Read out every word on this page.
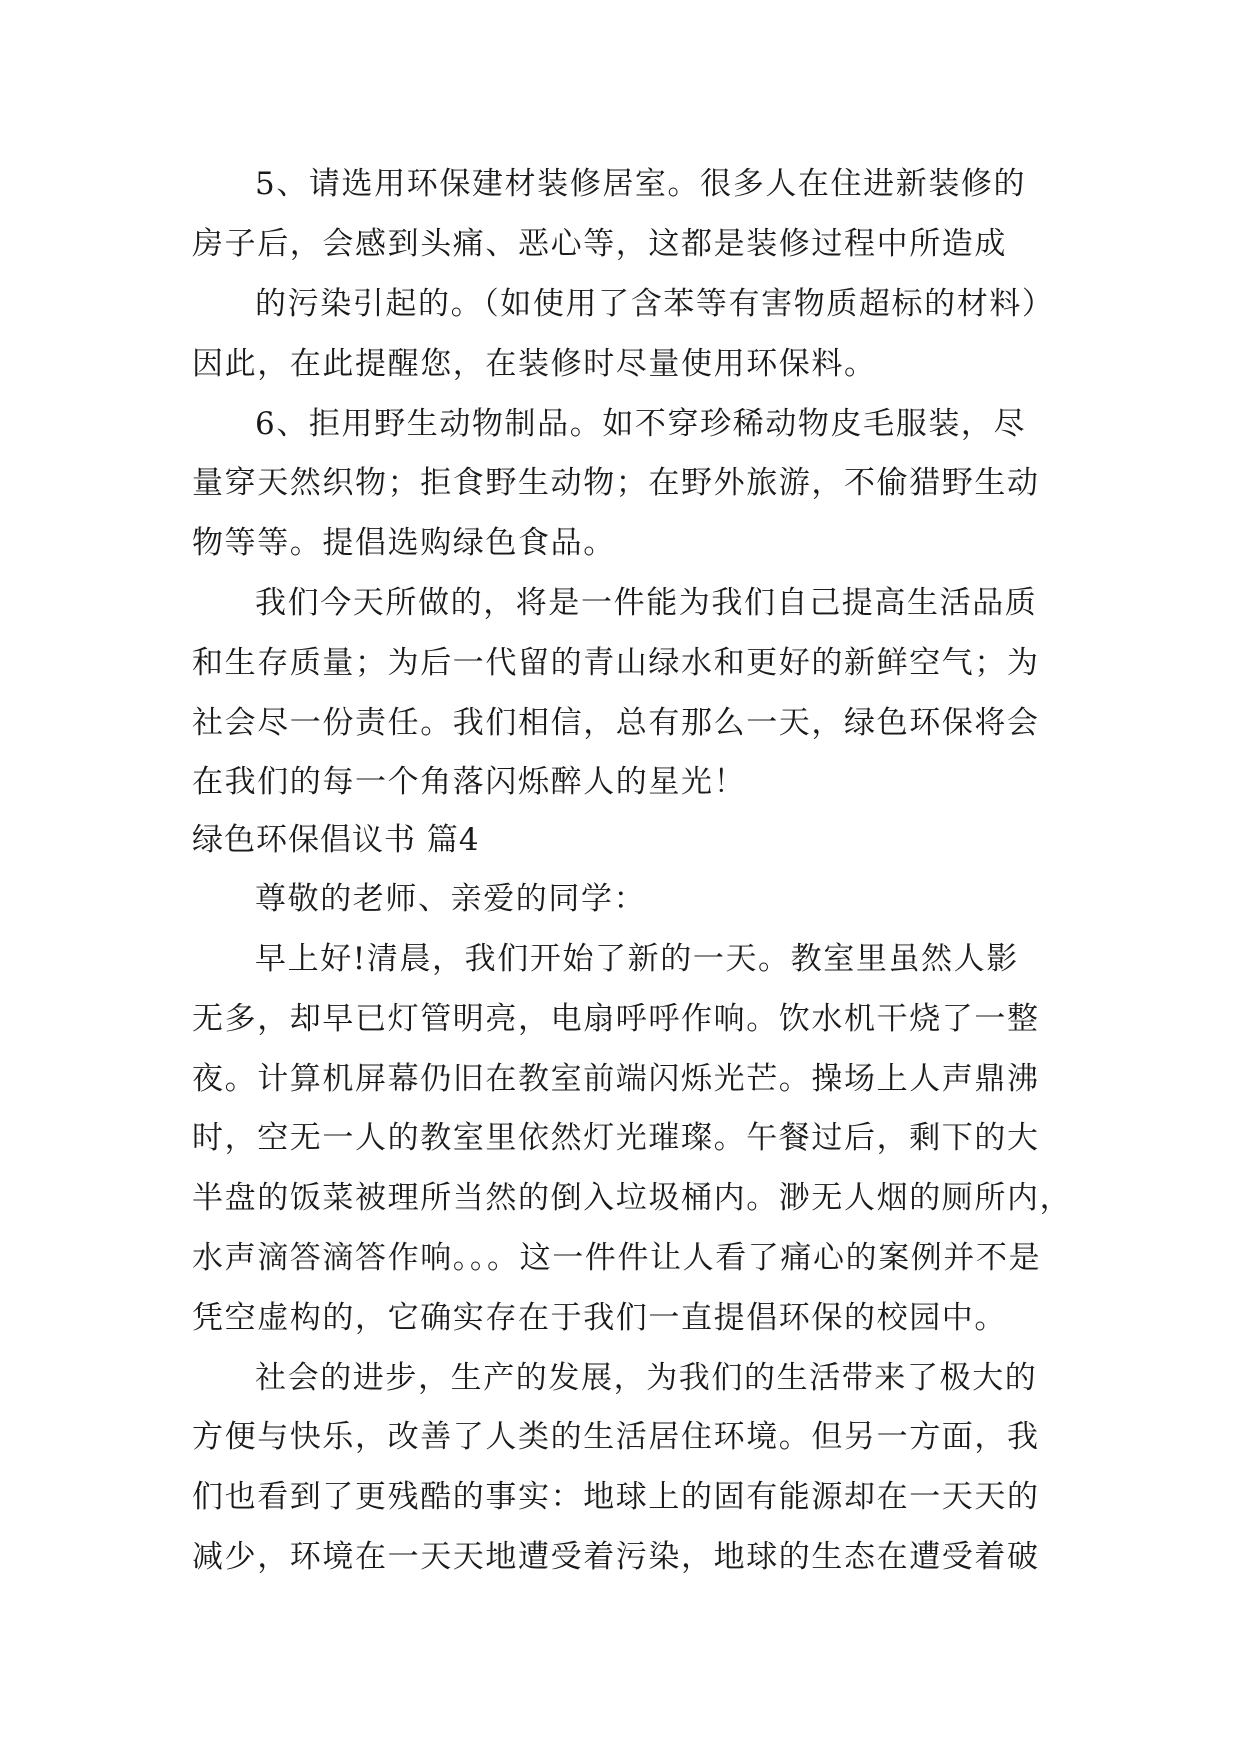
5、请选用环保建材装修居室。很多人在住进新装修的

房子后，会感到头痛、恶心等，这都是装修过程中所造成

的污染引起的。（如使用了含苯等有害物质超标的材料）

因此，在此提醒您，在装修时尽量使用环保料。

6、拒用野生动物制品。如不穿珍稀动物皮毛服装，尽

量穿天然织物；拒食野生动物；在野外旅游，不偷猎野生动

物等等。提倡选购绿色食品。

我们今天所做的，将是一件能为我们自己提高生活品质

和生存质量；为后一代留的青山绿水和更好的新鲜空气；为

社会尽一份责任。我们相信，总有那么一天，绿色环保将会

在我们的每一个角落闪烁醉人的星光！

绿色环保倡议书 篇4

尊敬的老师、亲爱的同学：

早上好!清晨，我们开始了新的一天。教室里虽然人影

无多，却早已灯管明亮，电扇呼呼作响。饮水机干烧了一整

夜。计算机屏幕仍旧在教室前端闪烁光芒。操场上人声鼎沸

时，空无一人的教室里依然灯光璀璨。午餐过后，剩下的大

半盘的饭菜被理所当然的倒入垃圾桶内。渺无人烟的厕所内，

水声滴答滴答作响。。。这一件件让人看了痛心的案例并不是

凭空虚构的，它确实存在于我们一直提倡环保的校园中。

社会的进步，生产的发展，为我们的生活带来了极大的

方便与快乐，改善了人类的生活居住环境。但另一方面，我

们也看到了更残酷的事实：地球上的固有能源却在一天天的

减少，环境在一天天地遭受着污染，地球的生态在遭受着破
